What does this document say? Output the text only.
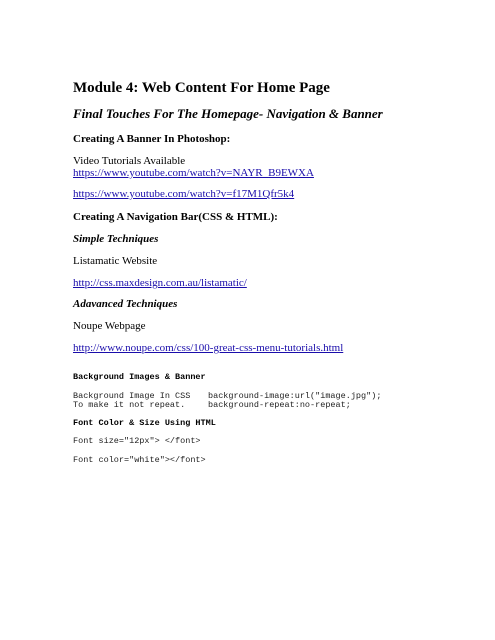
Module 4: Web Content For Home Page
Final Touches For The Homepage- Navigation & Banner
Creating A Banner In Photoshop:
Video Tutorials Available
https://www.youtube.com/watch?v=NAYR_B9EWXA
https://www.youtube.com/watch?v=f17M1Qfr5k4
Creating A Navigation Bar(CSS & HTML):
Simple Techniques
Listamatic Website
http://css.maxdesign.com.au/listamatic/
Adavanced Techniques
Noupe Webpage
http://www.noupe.com/css/100-great-css-menu-tutorials.html
Background Images & Banner
Background Image In CSS background-image:url("image.jpg");
To make it not repeat.	background-repeat:no-repeat;
Font Color & Size Using HTML
Font size="12px"> </font>
Font color="white"></font>
